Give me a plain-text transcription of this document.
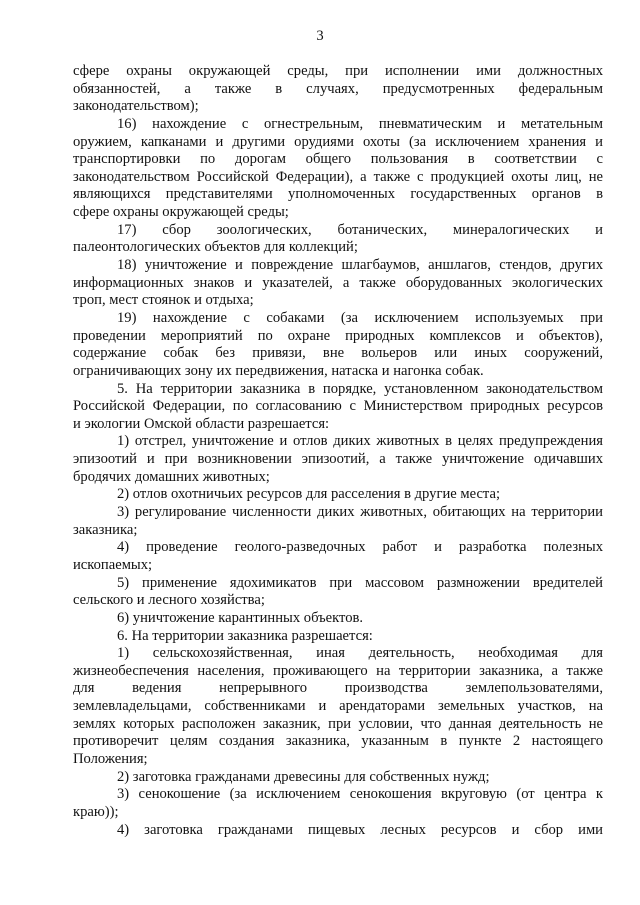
3
сфере охраны окружающей среды, при исполнении ими должностных
обязанностей, а также в случаях, предусмотренных федеральным
законодательством);
16) нахождение с огнестрельным, пневматическим и метательным
оружием, капканами и другими орудиями охоты (за исключением хранения и
транспортировки по дорогам общего пользования в соответствии с
законодательством Российской Федерации), а также с продукцией охоты лиц, не
являющихся представителями уполномоченных государственных органов в
сфере охраны окружающей среды;
17) сбор зоологических, ботанических, минералогических и
палеонтологических объектов для коллекций;
18) уничтожение и повреждение шлагбаумов, аншлагов, стендов, других
информационных знаков и указателей, а также оборудованных экологических
троп, мест стоянок и отдыха;
19) нахождение с собаками (за исключением используемых при
проведении мероприятий по охране природных комплексов и объектов),
содержание собак без привязи, вне вольеров или иных сооружений,
ограничивающих зону их передвижения, натаска и нагонка собак.
5. На территории заказника в порядке, установленном законодательством
Российской Федерации, по согласованию с Министерством природных ресурсов
и экологии Омской области разрешается:
1) отстрел, уничтожение и отлов диких животных в целях предупреждения
эпизоотий и при возникновении эпизоотий, а также уничтожение одичавших
бродячих домашних животных;
2) отлов охотничьих ресурсов для расселения в другие места;
3) регулирование численности диких животных, обитающих на территории
заказника;
4) проведение геолого-разведочных работ и разработка полезных
ископаемых;
5) применение ядохимикатов при массовом размножении вредителей
сельского и лесного хозяйства;
6) уничтожение карантинных объектов.
6. На территории заказника разрешается:
1) сельскохозяйственная, иная деятельность, необходимая для
жизнеобеспечения населения, проживающего на территории заказника, а также
для ведения непрерывного производства землепользователями,
землевладельцами, собственниками и арендаторами земельных участков, на
землях которых расположен заказник, при условии, что данная деятельность не
противоречит целям создания заказника, указанным в пункте 2 настоящего
Положения;
2) заготовка гражданами древесины для собственных нужд;
3) сенокошение (за исключением сенокошения вкруговую (от центра к
краю));
4) заготовка гражданами пищевых лесных ресурсов и сбор ими
